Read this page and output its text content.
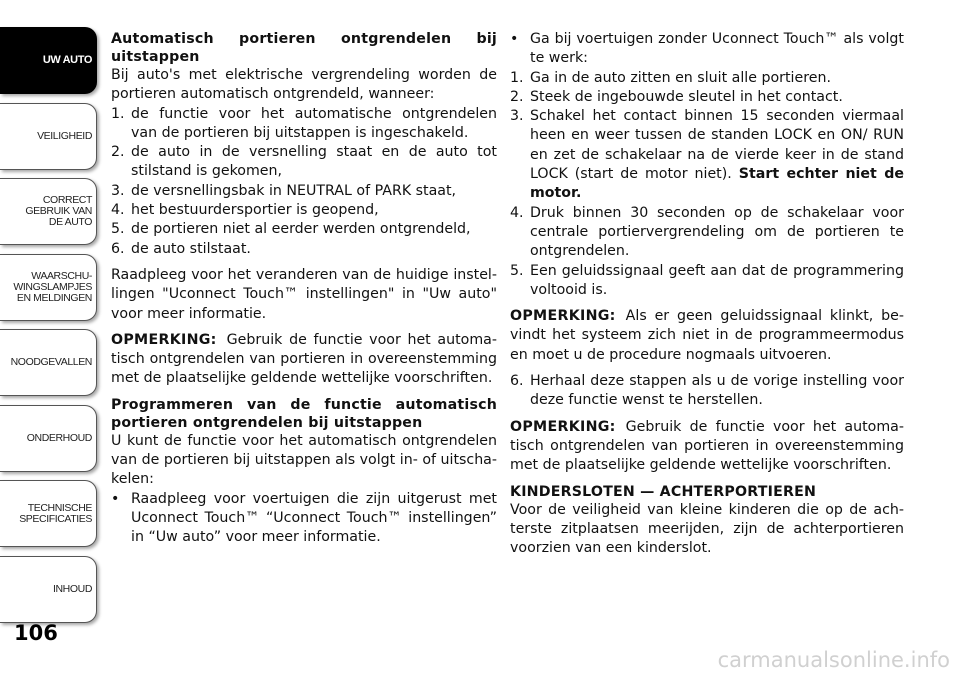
UW AUTO
VEILIGHEID
CORRECT
GEBRUIK VAN
DE AUTO
WAARSCHU-
WINGSLAMPJES
EN MELDINGEN
NOODGEVALLEN
ONDERHOUD
TECHNISCHE
SPECIFICATIES
INHOUD
106

Automatisch portieren ontgrendelen bij uitstappen

Bij auto's met elektrische vergrendeling worden de portieren automatisch ontgrendeld, wanneer:

1. de functie voor het automatische ontgrendelen van de portieren bij uitstappen is ingeschakeld.
2. de auto in de versnelling staat en de auto tot stilstand is gekomen,
3. de versnellingsbak in NEUTRAL of PARK staat,
4. het bestuurdersportier is geopend,
5. de portieren niet al eerder werden ontgrendeld,
6. de auto stilstaat.

Raadpleeg voor het veranderen van de huidige instel-lingen "Uconnect Touch™ instellingen" in "Uw auto" voor meer informatie.

OPMERKING: Gebruik de functie voor het automa-tisch ontgrendelen van portieren in overeenstemming met de plaatselijke geldende wettelijke voorschriften.

Programmeren van de functie automatisch portieren ontgrendelen bij uitstappen

U kunt de functie voor het automatisch ontgrendelen van de portieren bij uitstappen als volgt in- of uitscha-kelen:

• Raadpleeg voor voertuigen die zijn uitgerust met Uconnect Touch™ “Uconnect Touch™ instellingen” in “Uw auto” voor meer informatie.
• Ga bij voertuigen zonder Uconnect Touch™ als volgt te werk:
1. Ga in de auto zitten en sluit alle portieren.
2. Steek de ingebouwde sleutel in het contact.
3. Schakel het contact binnen 15 seconden viermaal heen en weer tussen de standen LOCK en ON/ RUN en zet de schakelaar na de vierde keer in de stand LOCK (start de motor niet). Start echter niet de motor.
4. Druk binnen 30 seconden op de schakelaar voor centrale portiervergrendeling om de portieren te ontgrendelen.
5. Een geluidssignaal geeft aan dat de programmering voltooid is.

OPMERKING: Als er geen geluidssignaal klinkt, be-vindt het systeem zich niet in de programmeermodus en moet u de procedure nogmaals uitvoeren.

6. Herhaal deze stappen als u de vorige instelling voor deze functie wenst te herstellen.

OPMERKING: Gebruik de functie voor het automa-tisch ontgrendelen van portieren in overeenstemming met de plaatselijke geldende wettelijke voorschriften.

KINDERSLOTEN — ACHTERPORTIEREN

Voor de veiligheid van kleine kinderen die op de ach-terste zitplaatsen meerijden, zijn de achterportieren voorzien van een kinderslot.

carmanualsonline.info
